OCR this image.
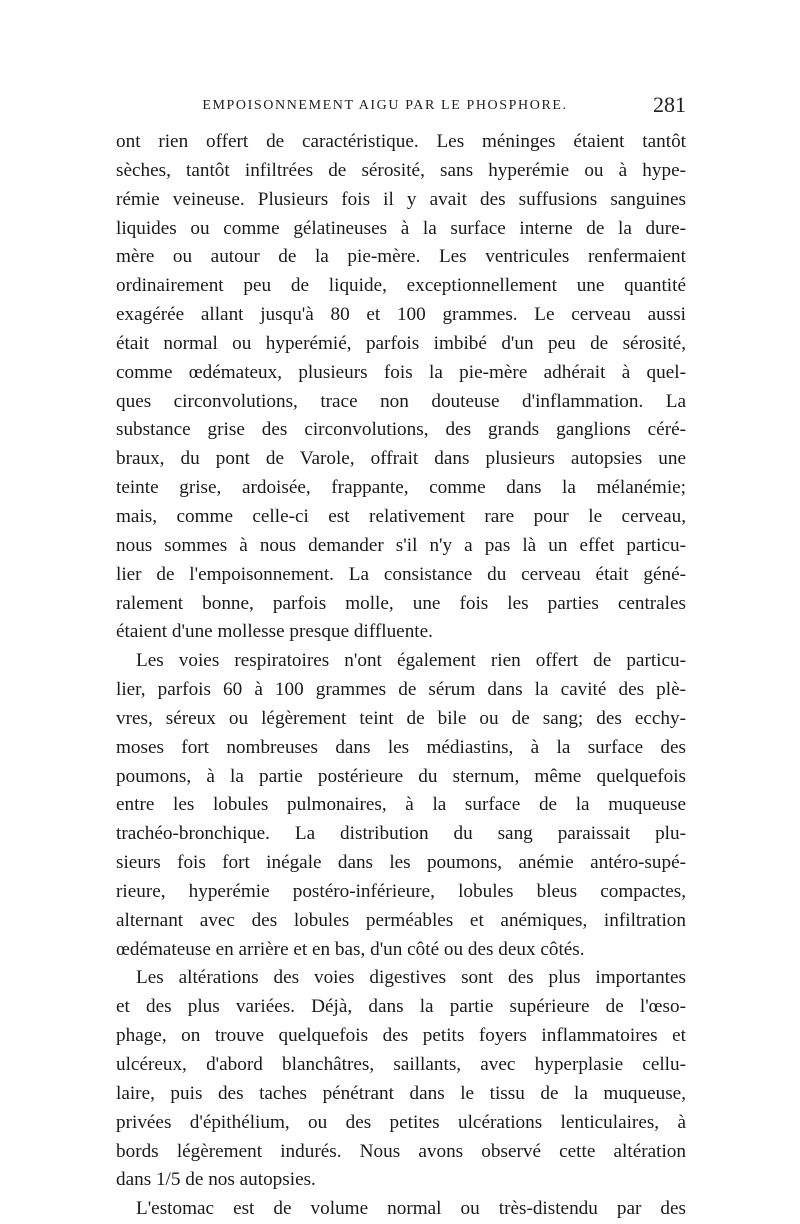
EMPOISONNEMENT AIGU PAR LE PHOSPHORE.	281

ont rien offert de caractéristique. Les méninges étaient tantôt

sèches, tantôt infiltrées de sérosité, sans hyperémie ou à hype-

rémie veineuse. Plusieurs fois il y avait des suffusions sanguines

liquides ou comme gélatineuses à la surface interne de la dure-

mère ou autour de la pie-mère. Les ventricules renfermaient

ordinairement peu de liquide, exceptionnellement une quantité

exagérée allant jusqu'à 80 et 100 grammes. Le cerveau aussi

était normal ou hyperémié, parfois imbibé d'un peu de sérosité,

comme œdémateux, plusieurs fois la pie-mère adhérait à quel-

ques circonvolutions, trace non douteuse d'inflammation. La

substance grise des circonvolutions, des grands ganglions céré-

braux, du pont de Varole, offrait dans plusieurs autopsies une

teinte grise, ardoisée, frappante, comme dans la mélanémie;

mais, comme celle-ci est relativement rare pour le cerveau,

nous sommes à nous demander s'il n'y a pas là un effet particu-

lier de l'empoisonnement. La consistance du cerveau était géné-

ralement bonne, parfois molle, une fois les parties centrales

étaient d'une mollesse presque diffluente.

Les voies respiratoires n'ont également rien offert de particu-

lier, parfois 60 à 100 grammes de sérum dans la cavité des plè-

vres, séreux ou légèrement teint de bile ou de sang; des ecchy-

moses fort nombreuses dans les médiastins, à la surface des

poumons, à la partie postérieure du sternum, même quelquefois

entre les lobules pulmonaires, à la surface de la muqueuse

trachéo-bronchique. La distribution du sang paraissait plu-

sieurs fois fort inégale dans les poumons, anémie antéro-supé-

rieure, hyperémie postéro-inférieure, lobules bleus compactes,

alternant avec des lobules perméables et anémiques, infiltration

œdémateuse en arrière et en bas, d'un côté ou des deux côtés.

Les altérations des voies digestives sont des plus importantes

et des plus variées. Déjà, dans la partie supérieure de l'œso-

phage, on trouve quelquefois des petits foyers inflammatoires et

ulcéreux, d'abord blanchâtres, saillants, avec hyperplasie cellu-

laire, puis des taches pénétrant dans le tissu de la muqueuse,

privées d'épithélium, ou des petites ulcérations lenticulaires, à

bords légèrement indurés. Nous avons observé cette altération

dans 1/5 de nos autopsies.

L'estomac est de volume normal ou très-distendu par des
